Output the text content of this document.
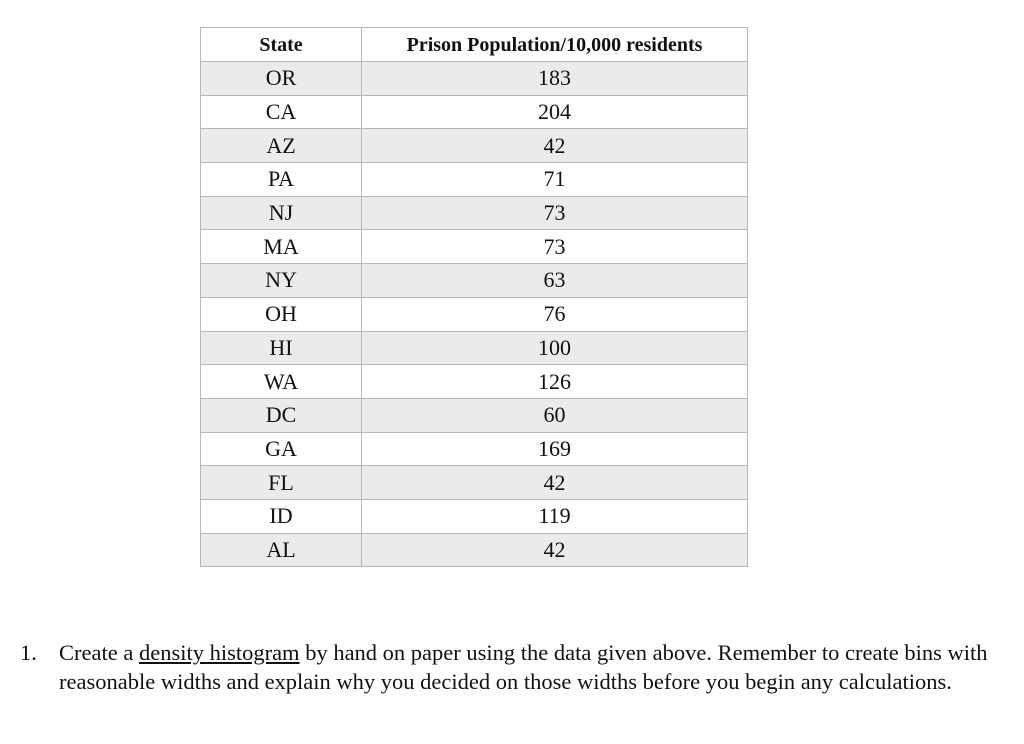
State	Prison Population/10,000 residents
OR	183
CA	204
AZ	42
PA	71
NJ	73
MA	73
NY	63
OH	76
HI	100
WA	126
DC	60
GA	169
FL	42
ID	119
AL	42
1. Create a density histogram by hand on paper using the data given above. Remember to create bins with reasonable widths and explain why you decided on those widths before you begin any calculations.
